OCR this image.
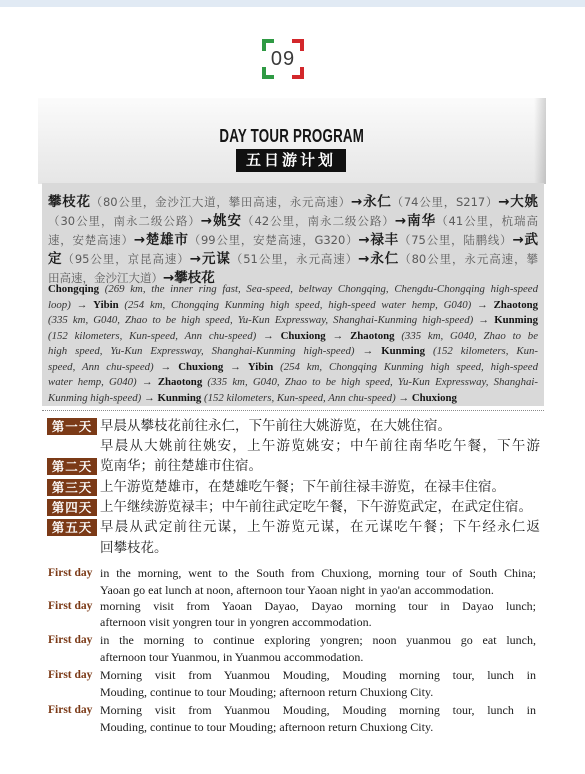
09
DAY TOUR PROGRAM
五日游计划
攀枝花（80公里，金沙江大道，攀田高速，永元高速）→永仁（74公里，S217）→大姚
（30公里，南永二级公路）→姚安（42公里，南永二级公路）→南华（41公里，杭瑞高
速，安楚高速）→楚雄市（99公里，安楚高速，G320）→禄丰（75公里，陆鹏线）→武
定（95公里，京昆高速）→元谋（51公里，永元高速）→永仁（80公里，永元高速，攀
田高速，金沙江大道）→攀枝花
Chongqing (269 km, the inner ring fast, Sea-speed, beltway Chongqing, Chengdu-Chongqing high-speed
loop) → Yibin (254 km, Chongqing Kunming high speed, high-speed water hemp, G040) → Zhaotong
(335 km, G040, Zhao to be high speed, Yu-Kun Expressway, Shanghai-Kunming high-speed) → Kunming
(152 kilometers, Kun-speed, Ann chu-speed) → Chuxiong → Zhaotong (335 km, G040, Zhao to be
high speed, Yu-Kun Expressway, Shanghai-Kunming high-speed) → Kunming (152 kilometers, Kun-
speed, Ann chu-speed) → Chuxiong → Yibin (254 km, Chongqing Kunming high speed, high-speed
water hemp, G040) → Zhaotong (335 km, G040, Zhao to be high speed, Yu-Kun Expressway, Shanghai-
Kunming high-speed) → Kunming (152 kilometers, Kun-speed, Ann chu-speed) → Chuxiong
第一天 早晨从攀枝花前往永仁，下午前往大姚游览，在大姚住宿。
早晨从大姚前往姚安，上午游览姚安；中午前往南华吃午餐，下午游
第二天 览南华；前往楚雄市住宿。
第三天 上午游览楚雄市，在楚雄吃午餐；下午前往禄丰游览，在禄丰住宿。
第四天 上午继续游览禄丰；中午前往武定吃午餐，下午游览武定，在武定住宿。
第五天 早晨从武定前往元谋，上午游览元谋，在元谋吃午餐；下午经永仁返
回攀枝花。
First day in the morning, went to the South from Chuxiong, morning tour of South China;
Yaoan go eat lunch at noon, afternoon tour Yaoan night in yao'an accommodation.
First day morning visit from Yaoan Dayao, Dayao morning tour in Dayao lunch;
afternoon visit yongren tour in yongren accommodation.
First day in the morning to continue exploring yongren; noon yuanmou go eat lunch,
afternoon tour Yuanmou, in Yuanmou accommodation.
First day Morning visit from Yuanmou Mouding, Mouding morning tour, lunch in
Mouding, continue to tour Mouding; afternoon return Chuxiong City.
First day Morning visit from Yuanmou Mouding, Mouding morning tour, lunch in
Mouding, continue to tour Mouding; afternoon return Chuxiong City.
